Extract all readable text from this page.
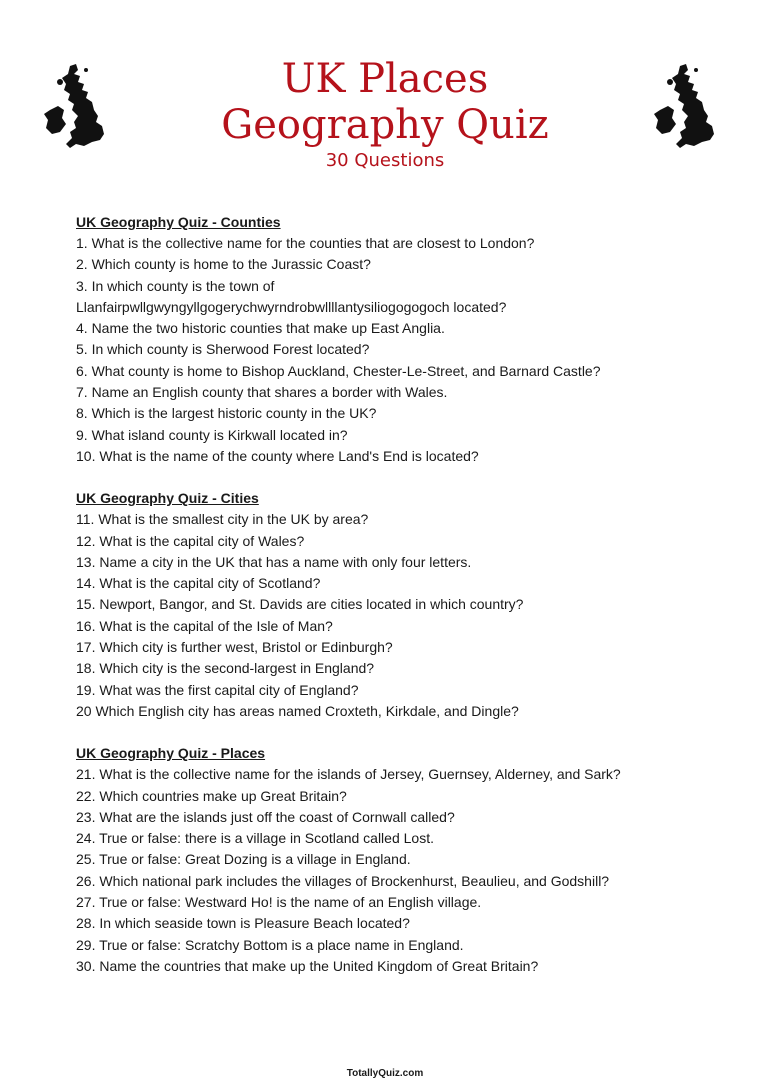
UK Places
Geography Quiz
30 Questions
UK Geography Quiz - Counties
1. What is the collective name for the counties that are closest to London?
2. Which county is home to the Jurassic Coast?
3. In which county is the town of
Llanfairpwllgwyngyllgogerychwyrndrobwllllantysiliogogogoch located?
4. Name the two historic counties that make up East Anglia.
5. In which county is Sherwood Forest located?
6. What county is home to Bishop Auckland, Chester-Le-Street, and Barnard Castle?
7. Name an English county that shares a border with Wales.
8. Which is the largest historic county in the UK?
9. What island county is Kirkwall located in?
10. What is the name of the county where Land's End is located?
UK Geography Quiz - Cities
11. What is the smallest city in the UK by area?
12. What is the capital city of Wales?
13. Name a city in the UK that has a name with only four letters.
14. What is the capital city of Scotland?
15. Newport, Bangor, and St. Davids are cities located in which country?
16. What is the capital of the Isle of Man?
17. Which city is further west, Bristol or Edinburgh?
18. Which city is the second-largest in England?
19. What was the first capital city of England?
20 Which English city has areas named Croxteth, Kirkdale, and Dingle?
UK Geography Quiz - Places
21. What is the collective name for the islands of Jersey, Guernsey, Alderney, and Sark?
22. Which countries make up Great Britain?
23. What are the islands just off the coast of Cornwall called?
24. True or false: there is a village in Scotland called Lost.
25. True or false: Great Dozing is a village in England.
26. Which national park includes the villages of Brockenhurst, Beaulieu, and Godshill?
27. True or false: Westward Ho! is the name of an English village.
28. In which seaside town is Pleasure Beach located?
29. True or false: Scratchy Bottom is a place name in England.
30. Name the countries that make up the United Kingdom of Great Britain?
TotallyQuiz.com
